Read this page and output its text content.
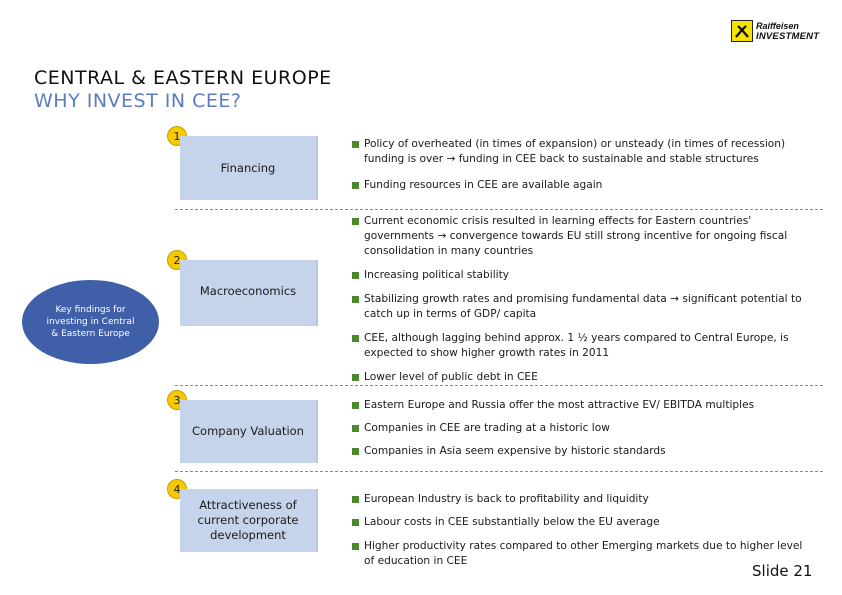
Raiffeisen
INVESTMENT
CENTRAL & EASTERN EUROPE
WHY INVEST IN CEE?
Key findings for investing in Central & Eastern Europe
1
Financing
2
Macroeconomics
3
Company Valuation
4
Attractiveness of current corporate development
Policy of overheated (in times of expansion) or unsteady (in times of recession) funding is over → funding in CEE back to sustainable and stable structures
Funding resources in CEE are available again
Current economic crisis resulted in learning effects for Eastern countries' governments → convergence towards EU still strong incentive for ongoing fiscal consolidation in many countries
Increasing political stability
Stabilizing growth rates and promising fundamental data → significant potential to catch up in terms of GDP/ capita
CEE, although lagging behind approx. 1 ½ years compared to Central Europe, is expected to show higher growth rates in 2011
Lower level of public debt in CEE
Eastern Europe and Russia offer the most attractive EV/ EBITDA multiples
Companies in CEE are trading at a historic low
Companies in Asia seem expensive by historic standards
European Industry is back to profitability and liquidity
Labour costs in CEE substantially below the EU average
Higher productivity rates compared to other Emerging markets due to higher level of education in CEE
Slide 21
